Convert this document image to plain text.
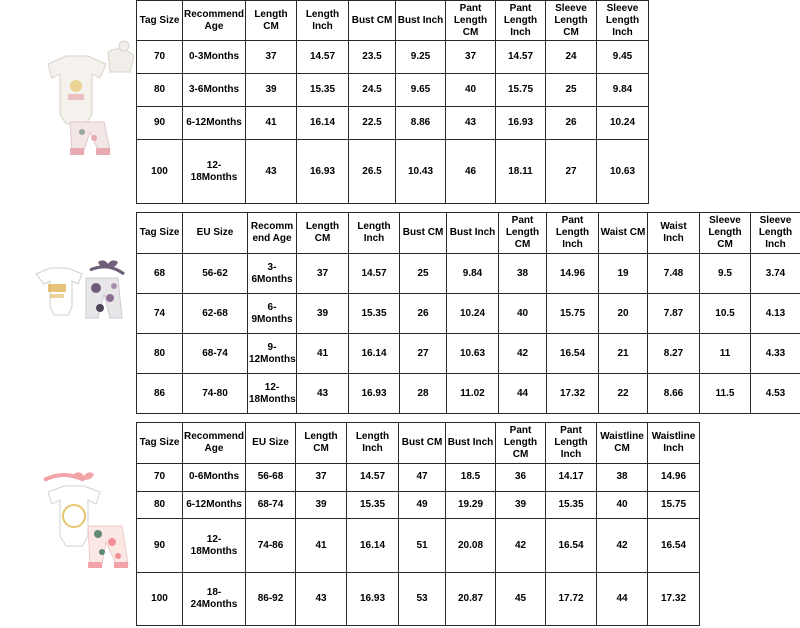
Tag Size	Recommend Age	Length CM	Length Inch	Bust CM	Bust Inch	Pant Length CM	Pant Length Inch	Sleeve Length CM	Sleeve Length Inch
70	0-3Months	37	14.57	23.5	9.25	37	14.57	24	9.45
80	3-6Months	39	15.35	24.5	9.65	40	15.75	25	9.84
90	6-12Months	41	16.14	22.5	8.86	43	16.93	26	10.24
100	12-18Months	43	16.93	26.5	10.43	46	18.11	27	10.63
Tag Size	EU Size	Recomm end Age	Length CM	Length Inch	Bust CM	Bust Inch	Pant Length CM	Pant Length Inch	Waist CM	Waist Inch	Sleeve Length CM	Sleeve Length Inch
68	56-62	3- 6Months	37	14.57	25	9.84	38	14.96	19	7.48	9.5	3.74
74	62-68	6- 9Months	39	15.35	26	10.24	40	15.75	20	7.87	10.5	4.13
80	68-74	9- 12Months	41	16.14	27	10.63	42	16.54	21	8.27	11	4.33
86	74-80	12- 18Months	43	16.93	28	11.02	44	17.32	22	8.66	11.5	4.53
Tag Size	Recommend Age	EU Size	Length CM	Length Inch	Bust CM	Bust Inch	Pant Length CM	Pant Length Inch	Waistline CM	Waistline Inch
70	0-6Months	56-68	37	14.57	47	18.5	36	14.17	38	14.96
80	6-12Months	68-74	39	15.35	49	19.29	39	15.35	40	15.75
90	12-18Months	74-86	41	16.14	51	20.08	42	16.54	42	16.54
100	18-24Months	86-92	43	16.93	53	20.87	45	17.72	44	17.32
